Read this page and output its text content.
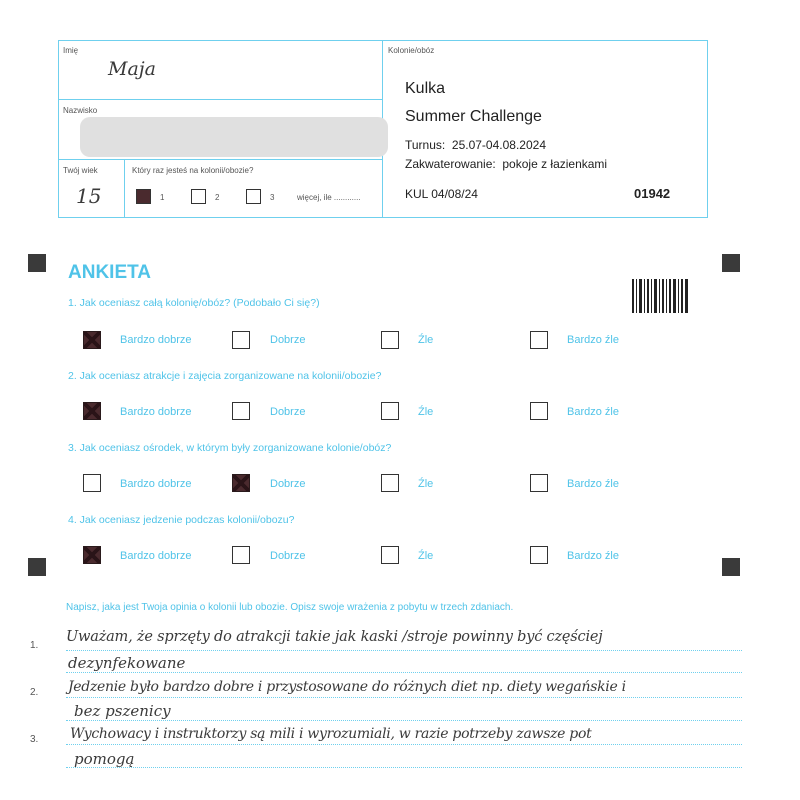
Imię
Maja
Nazwisko
Twój wiek
15
Który raz jesteś na kolonii/obozie?
1	2	3	więcej, ile ............
Kolonie/obóz
Kulka
Summer Challenge
Turnus:  25.07-04.08.2024
Zakwaterowanie:  pokoje z łazienkami
KUL 04/08/24	01942
ANKIETA
1. Jak oceniasz całą kolonię/obóz? (Podobało Ci się?)
Bardzo dobrze	Dobrze	Źle	Bardzo źle
2. Jak oceniasz atrakcje i zajęcia zorganizowane na kolonii/obozie?
Bardzo dobrze	Dobrze	Źle	Bardzo źle
3. Jak oceniasz ośrodek, w którym były zorganizowane kolonie/obóz?
Bardzo dobrze	Dobrze	Źle	Bardzo źle
4. Jak oceniasz jedzenie podczas kolonii/obozu?
Bardzo dobrze	Dobrze	Źle	Bardzo źle
Napisz, jaka jest Twoja opinia o kolonii lub obozie. Opisz swoje wrażenia z pobytu w trzech zdaniach.
1.
2.
3.
Uważam, że sprzęty do atrakcji takie jak kaski /stroje powinny być częściej
dezynfekowane
Jedzenie było bardzo dobre i przystosowane do różnych diet np. diety wegańskie i
bez pszenicy
Wychowacy i instruktorzy są mili i wyrozumiali, w razie potrzeby zawsze pot
pomogą
